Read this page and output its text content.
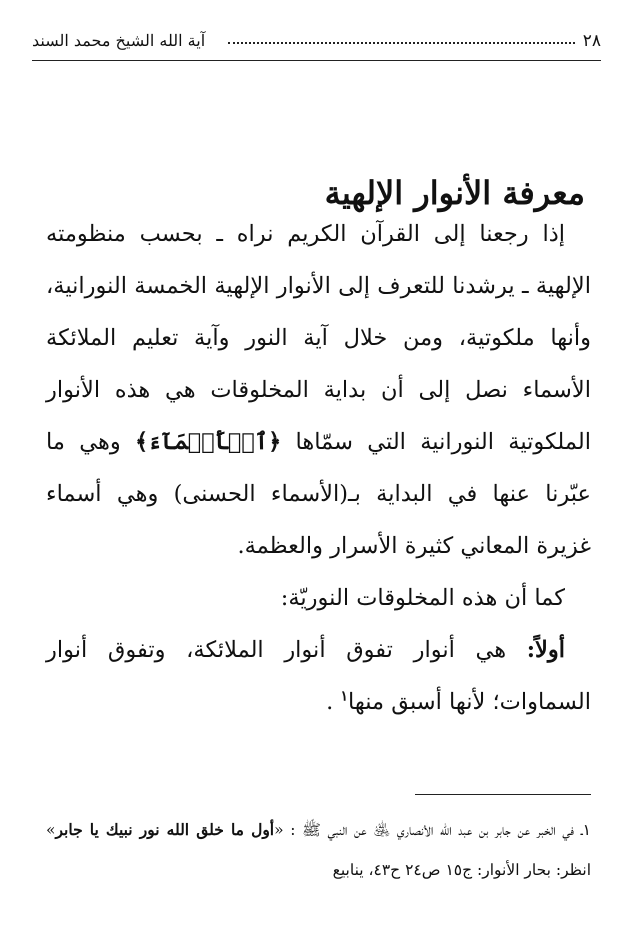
٢٨
آية الله الشيخ محمد السند
معرفة الأنوار الإلهية

إذا رجعنا إلى القرآن الكريم نراه ـ بحسب منظومته الإلهية ـ يرشدنا للتعرف إلى الأنوار الإلهية الخمسة النورانية، وأنها ملكوتية، ومن خلال آية النور وآية تعليم الملائكة الأسماء نصل إلى أن بداية المخلوقات هي هذه الأنوار الملكوتية النورانية التي سمّاها ﴿ٱلۡأَسۡمَآءَ﴾ وهي ما عبّرنا عنها في البداية بـ(الأسماء الحسنى) وهي أسماء غزيرة المعاني كثيرة الأسرار والعظمة.

كما أن هذه المخلوقات النوريّة:

أولاً: هي أنوار تفوق أنوار الملائكة، وتفوق أنوار السماوات؛ لأنها أسبق منها$^١$ .

١ـ في الخبر عن جابر بن عبد الله الأنصاري ﵁ عن النبي ﷺ : «أول ما خلق الله نور نبيك يا جابر» انظر: بحار الأنوار: ج١٥ ص٢٤ ح٤٣، ينابيع
